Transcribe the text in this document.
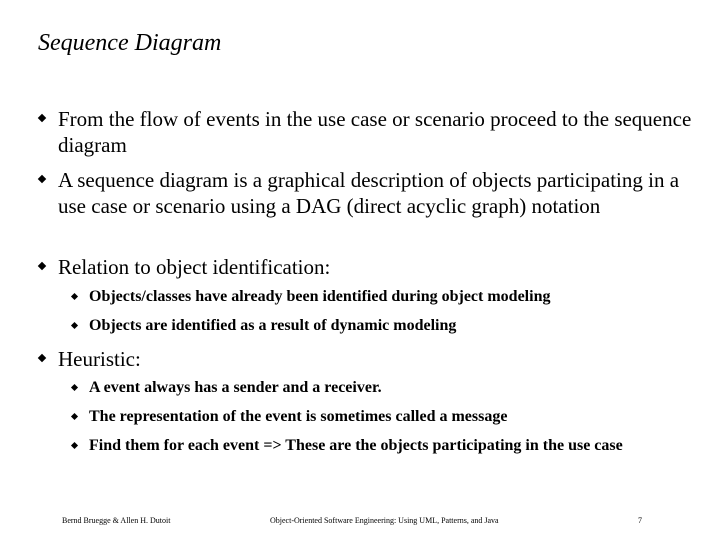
Sequence Diagram
From the flow of events in the use case or scenario proceed to the sequence diagram
A sequence diagram is a graphical description of objects participating in a use case or scenario using a DAG (direct acyclic graph) notation
Relation to object identification:
Objects/classes have already been identified during object modeling
Objects are identified as a result of dynamic modeling
Heuristic:
A event always has a sender and a receiver.
The representation of the event is sometimes called a message
Find them for each event => These are the objects participating in the use case
Bernd Bruegge & Allen H. Dutoit	Object-Oriented Software Engineering: Using UML, Patterns, and Java	7
